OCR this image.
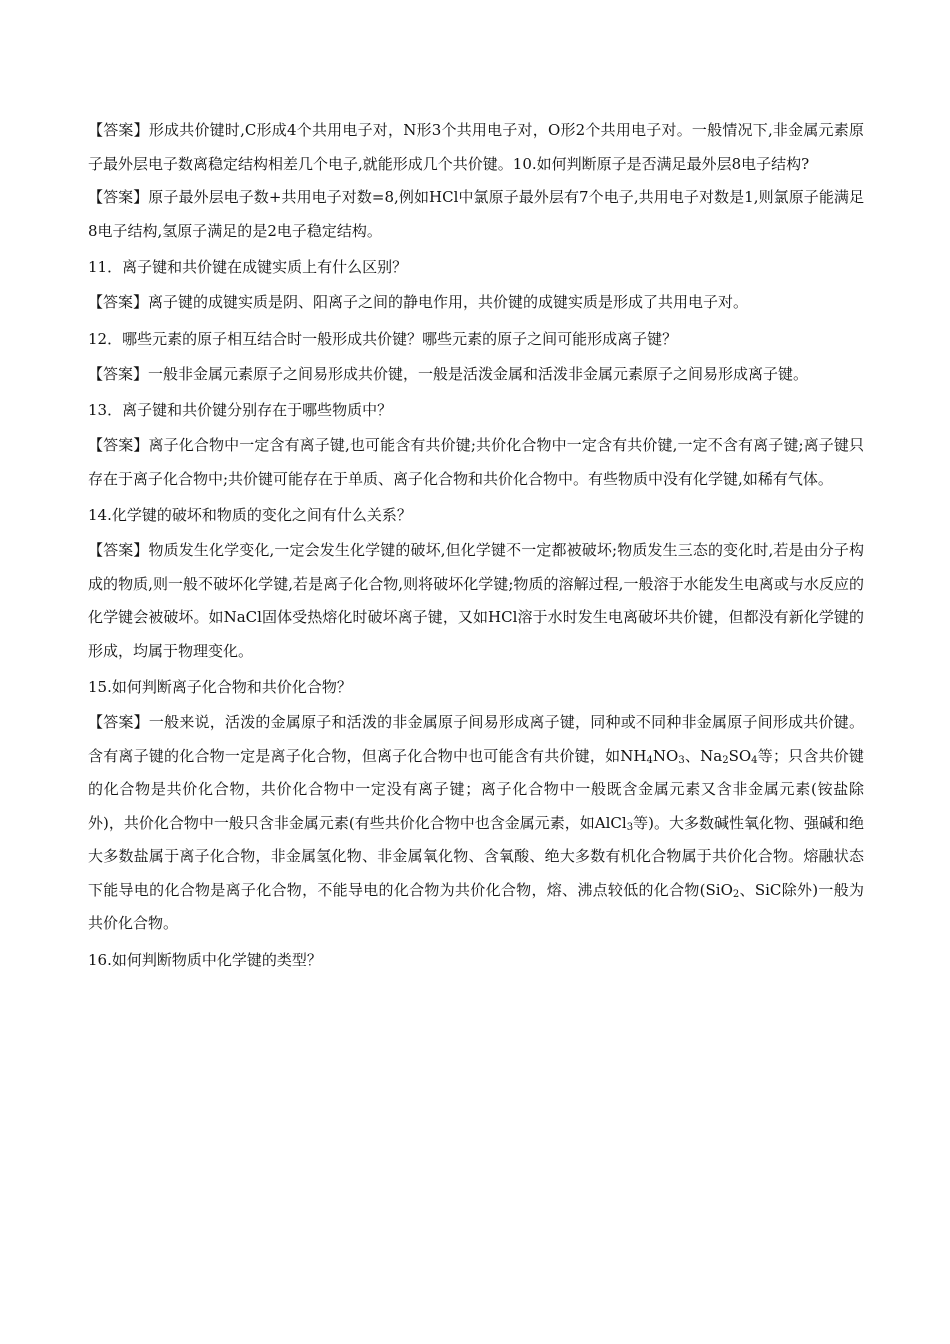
【答案】形成共价键时,C形成4个共用电子对，N形3个共用电子对，O形2个共用电子对。一般情况下,非金属元素原子最外层电子数离稳定结构相差几个电子,就能形成几个共价键。10.如何判断原子是否满足最外层8电子结构?

【答案】原子最外层电子数+共用电子对数=8,例如HCl中氯原子最外层有7个电子,共用电子对数是1,则氯原子能满足8电子结构,氢原子满足的是2电子稳定结构。

11．离子键和共价键在成键实质上有什么区别？

【答案】离子键的成键实质是阴、阳离子之间的静电作用，共价键的成键实质是形成了共用电子对。

12．哪些元素的原子相互结合时一般形成共价键？哪些元素的原子之间可能形成离子键？

【答案】一般非金属元素原子之间易形成共价键，一般是活泼金属和活泼非金属元素原子之间易形成离子键。

13．离子键和共价键分别存在于哪些物质中？

【答案】离子化合物中一定含有离子键,也可能含有共价键;共价化合物中一定含有共价键,一定不含有离子键;离子键只存在于离子化合物中;共价键可能存在于单质、离子化合物和共价化合物中。有些物质中没有化学键,如稀有气体。

14.化学键的破坏和物质的变化之间有什么关系？

【答案】物质发生化学变化,一定会发生化学键的破坏,但化学键不一定都被破坏;物质发生三态的变化时,若是由分子构成的物质,则一般不破坏化学键,若是离子化合物,则将破坏化学键;物质的溶解过程,一般溶于水能发生电离或与水反应的化学键会被破坏。如NaCl固体受热熔化时破坏离子键，又如HCl溶于水时发生电离破坏共价键，但都没有新化学键的形成，均属于物理变化。

15.如何判断离子化合物和共价化合物？

【答案】一般来说，活泼的金属原子和活泼的非金属原子间易形成离子键，同种或不同种非金属原子间形成共价键。含有离子键的化合物一定是离子化合物，但离子化合物中也可能含有共价键，如$NH_4NO_3$、$Na_2SO_4$等；只含共价键的化合物是共价化合物，共价化合物中一定没有离子键；离子化合物中一般既含金属元素又含非金属元素(铵盐除外)，共价化合物中一般只含非金属元素(有些共价化合物中也含金属元素，如AlCl$_3$等)。大多数碱性氧化物、强碱和绝大多数盐属于离子化合物，非金属氢化物、非金属氧化物、含氧酸、绝大多数有机化合物属于共价化合物。熔融状态下能导电的化合物是离子化合物，不能导电的化合物为共价化合物，熔、沸点较低的化合物(SiO$_2$、SiC除外)一般为共价化合物。

16.如何判断物质中化学键的类型？
